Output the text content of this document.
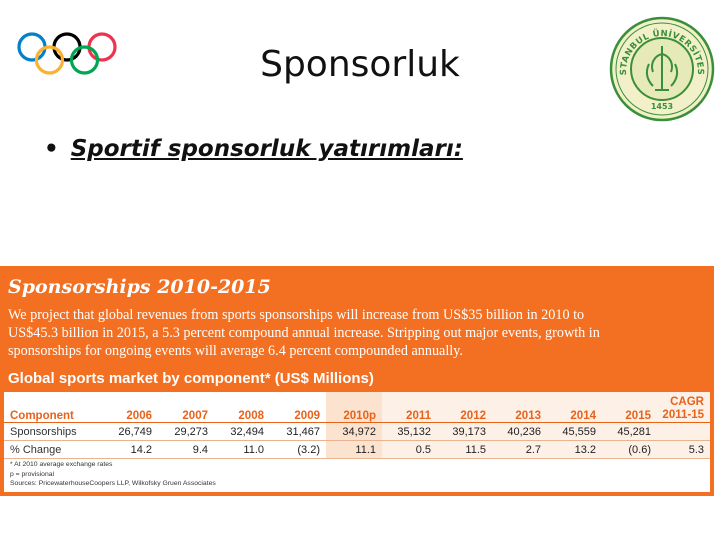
Sponsorluk	STANBUL ÜNİVERSİTES
1453
• Sportif sponsorluk yatırımları:
Sponsorships 2010-2015
We project that global revenues from sports sponsorships will increase from US$35 billion in 2010 to
US$45.3 billion in 2015, a 5.3 percent compound annual increase. Stripping out major events, growth in
sponsorships for ongoing events will average 6.4 percent compounded annually.
Global sports market by component* (US$ Millions)
Component	2006	2007	2008	2009	2010p	2011	2012	2013	2014	2015	CAGR
2011-15

Sponsorships	26,749	29,273	32,494	31,467	34,972	35,132	39,173	40,236	45,559	45,281	
% Change	14.2	9.4	11.0	(3.2)	11.1	0.5	11.5	2.7	13.2	(0.6)	5.3
* At 2010 average exchange rates
p = provisional
Sources: PricewaterhouseCoopers LLP, Wilkofsky Gruen Associates
